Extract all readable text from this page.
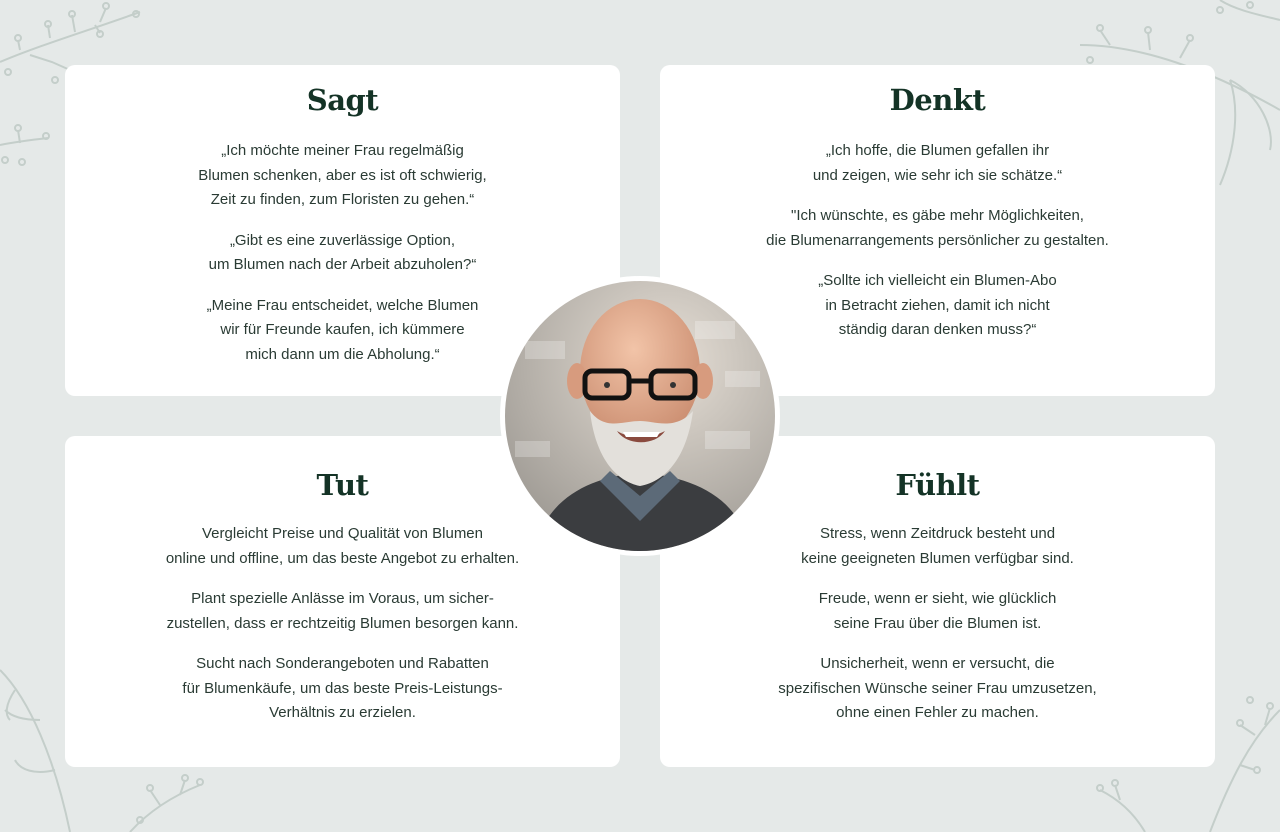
Sagt

„Ich möchte meiner Frau regelmäßig
Blumen schenken, aber es ist oft schwierig,
Zeit zu finden, zum Floristen zu gehen.“

„Gibt es eine zuverlässige Option,
um Blumen nach der Arbeit abzuholen?“

„Meine Frau entscheidet, welche Blumen
wir für Freunde kaufen, ich kümmere
mich dann um die Abholung.“

Denkt

„Ich hoffe, die Blumen gefallen ihr
und zeigen, wie sehr ich sie schätze.“

"Ich wünschte, es gäbe mehr Möglichkeiten,
die Blumenarrangements persönlicher zu gestalten.

„Sollte ich vielleicht ein Blumen-Abo
in Betracht ziehen, damit ich nicht
ständig daran denken muss?“

Tut

Vergleicht Preise und Qualität von Blumen
online und offline, um das beste Angebot zu erhalten.

Plant spezielle Anlässe im Voraus, um sicher-
zustellen, dass er rechtzeitig Blumen besorgen kann.

Sucht nach Sonderangeboten und Rabatten
für Blumenkäufe, um das beste Preis-Leistungs-
Verhältnis zu erzielen.

Fühlt

Stress, wenn Zeitdruck besteht und
keine geeigneten Blumen verfügbar sind.

Freude, wenn er sieht, wie glücklich
seine Frau über die Blumen ist.

Unsicherheit, wenn er versucht, die
spezifischen Wünsche seiner Frau umzusetzen,
ohne einen Fehler zu machen.
